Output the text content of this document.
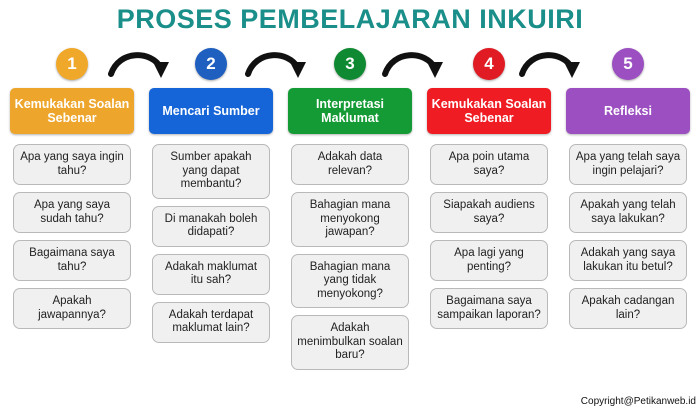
PROSES PEMBELAJARAN INKUIRI
1
Kemukakan Soalan Sebenar
Apa yang saya ingin tahu?
Apa yang saya sudah tahu?
Bagaimana saya tahu?
Apakah jawapannya?
2
Mencari Sumber
Sumber apakah yang dapat membantu?
Di manakah boleh didapati?
Adakah maklumat itu sah?
Adakah terdapat maklumat lain?
3
Interpretasi Maklumat
Adakah data relevan?
Bahagian mana menyokong jawapan?
Bahagian mana yang tidak menyokong?
Adakah menimbulkan soalan baru?
4
Kemukakan Soalan Sebenar
Apa poin utama saya?
Siapakah audiens saya?
Apa lagi yang penting?
Bagaimana saya sampaikan laporan?
5
Refleksi
Apa yang telah saya ingin pelajari?
Apakah yang telah saya lakukan?
Adakah yang saya lakukan itu betul?
Apakah cadangan lain?
Copyright@Petikanweb.id
